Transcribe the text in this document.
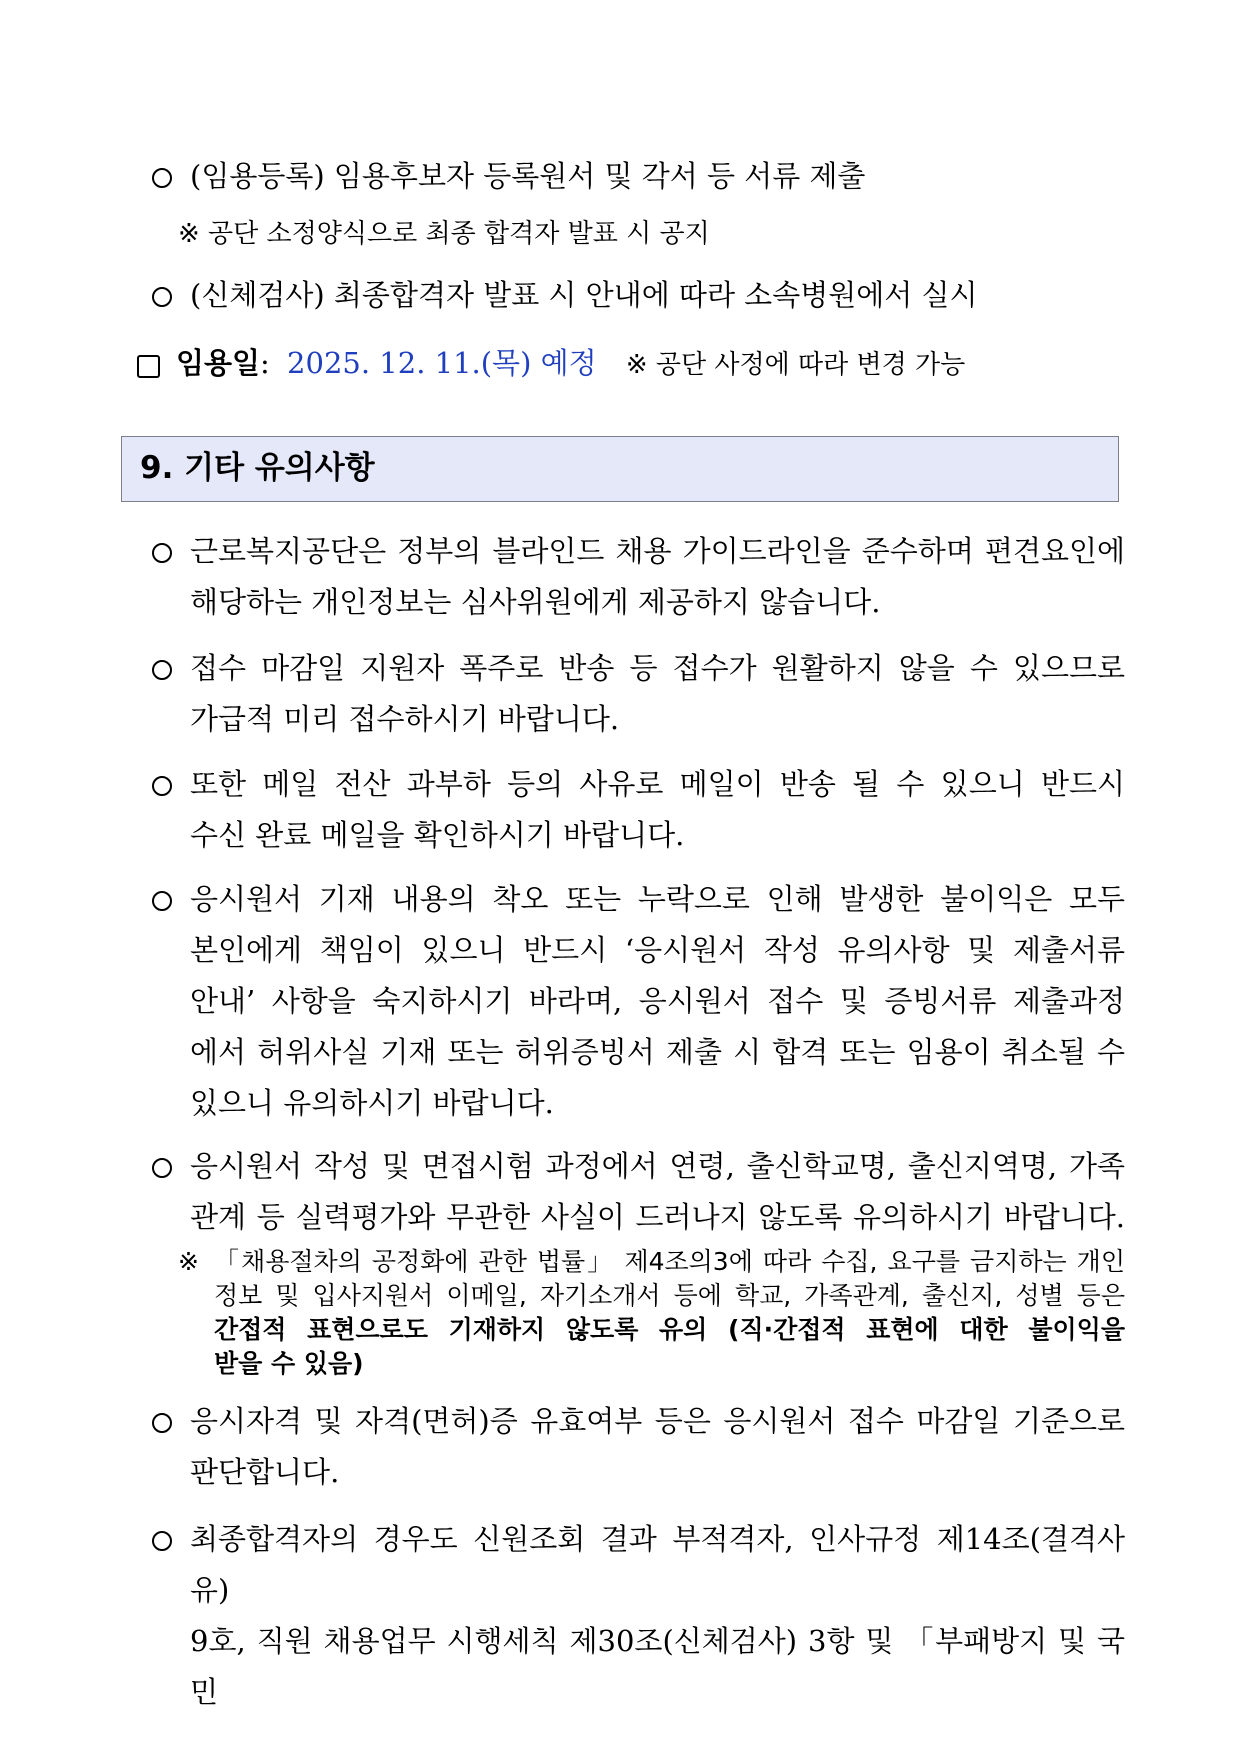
(임용등록) 임용후보자 등록원서 및 각서 등 서류 제출
※ 공단 소정양식으로 최종 합격자 발표 시 공지
(신체검사) 최종합격자 발표 시 안내에 따라 소속병원에서 실시
임용일: 2025. 12. 11.(목) 예정 ※ 공단 사정에 따라 변경 가능
9. 기타 유의사항
근로복지공단은 정부의 블라인드 채용 가이드라인을 준수하며 편견요인에
해당하는 개인정보는 심사위원에게 제공하지 않습니다.
접수 마감일 지원자 폭주로 반송 등 접수가 원활하지 않을 수 있으므로
가급적 미리 접수하시기 바랍니다.
또한 메일 전산 과부하 등의 사유로 메일이 반송 될 수 있으니 반드시
수신 완료 메일을 확인하시기 바랍니다.
응시원서 기재 내용의 착오 또는 누락으로 인해 발생한 불이익은 모두
본인에게 책임이 있으니 반드시 ‘응시원서 작성 유의사항 및 제출서류
안내’ 사항을 숙지하시기 바라며, 응시원서 접수 및 증빙서류 제출과정
에서 허위사실 기재 또는 허위증빙서 제출 시 합격 또는 임용이 취소될 수
있으니 유의하시기 바랍니다.
응시원서 작성 및 면접시험 과정에서 연령, 출신학교명, 출신지역명, 가족
관계 등 실력평가와 무관한 사실이 드러나지 않도록 유의하시기 바랍니다.
※ 「채용절차의 공정화에 관한 법률」 제4조의3에 따라 수집, 요구를 금지하는 개인
정보 및 입사지원서 이메일, 자기소개서 등에 학교, 가족관계, 출신지, 성별 등은
간접적 표현으로도 기재하지 않도록 유의 (직·간접적 표현에 대한 불이익을
받을 수 있음)
응시자격 및 자격(면허)증 유효여부 등은 응시원서 접수 마감일 기준으로
판단합니다.
최종합격자의 경우도 신원조회 결과 부적격자, 인사규정 제14조(결격사유)
9호, 직원 채용업무 시행세칙 제30조(신체검사) 3항 및 「부패방지 및 국민
